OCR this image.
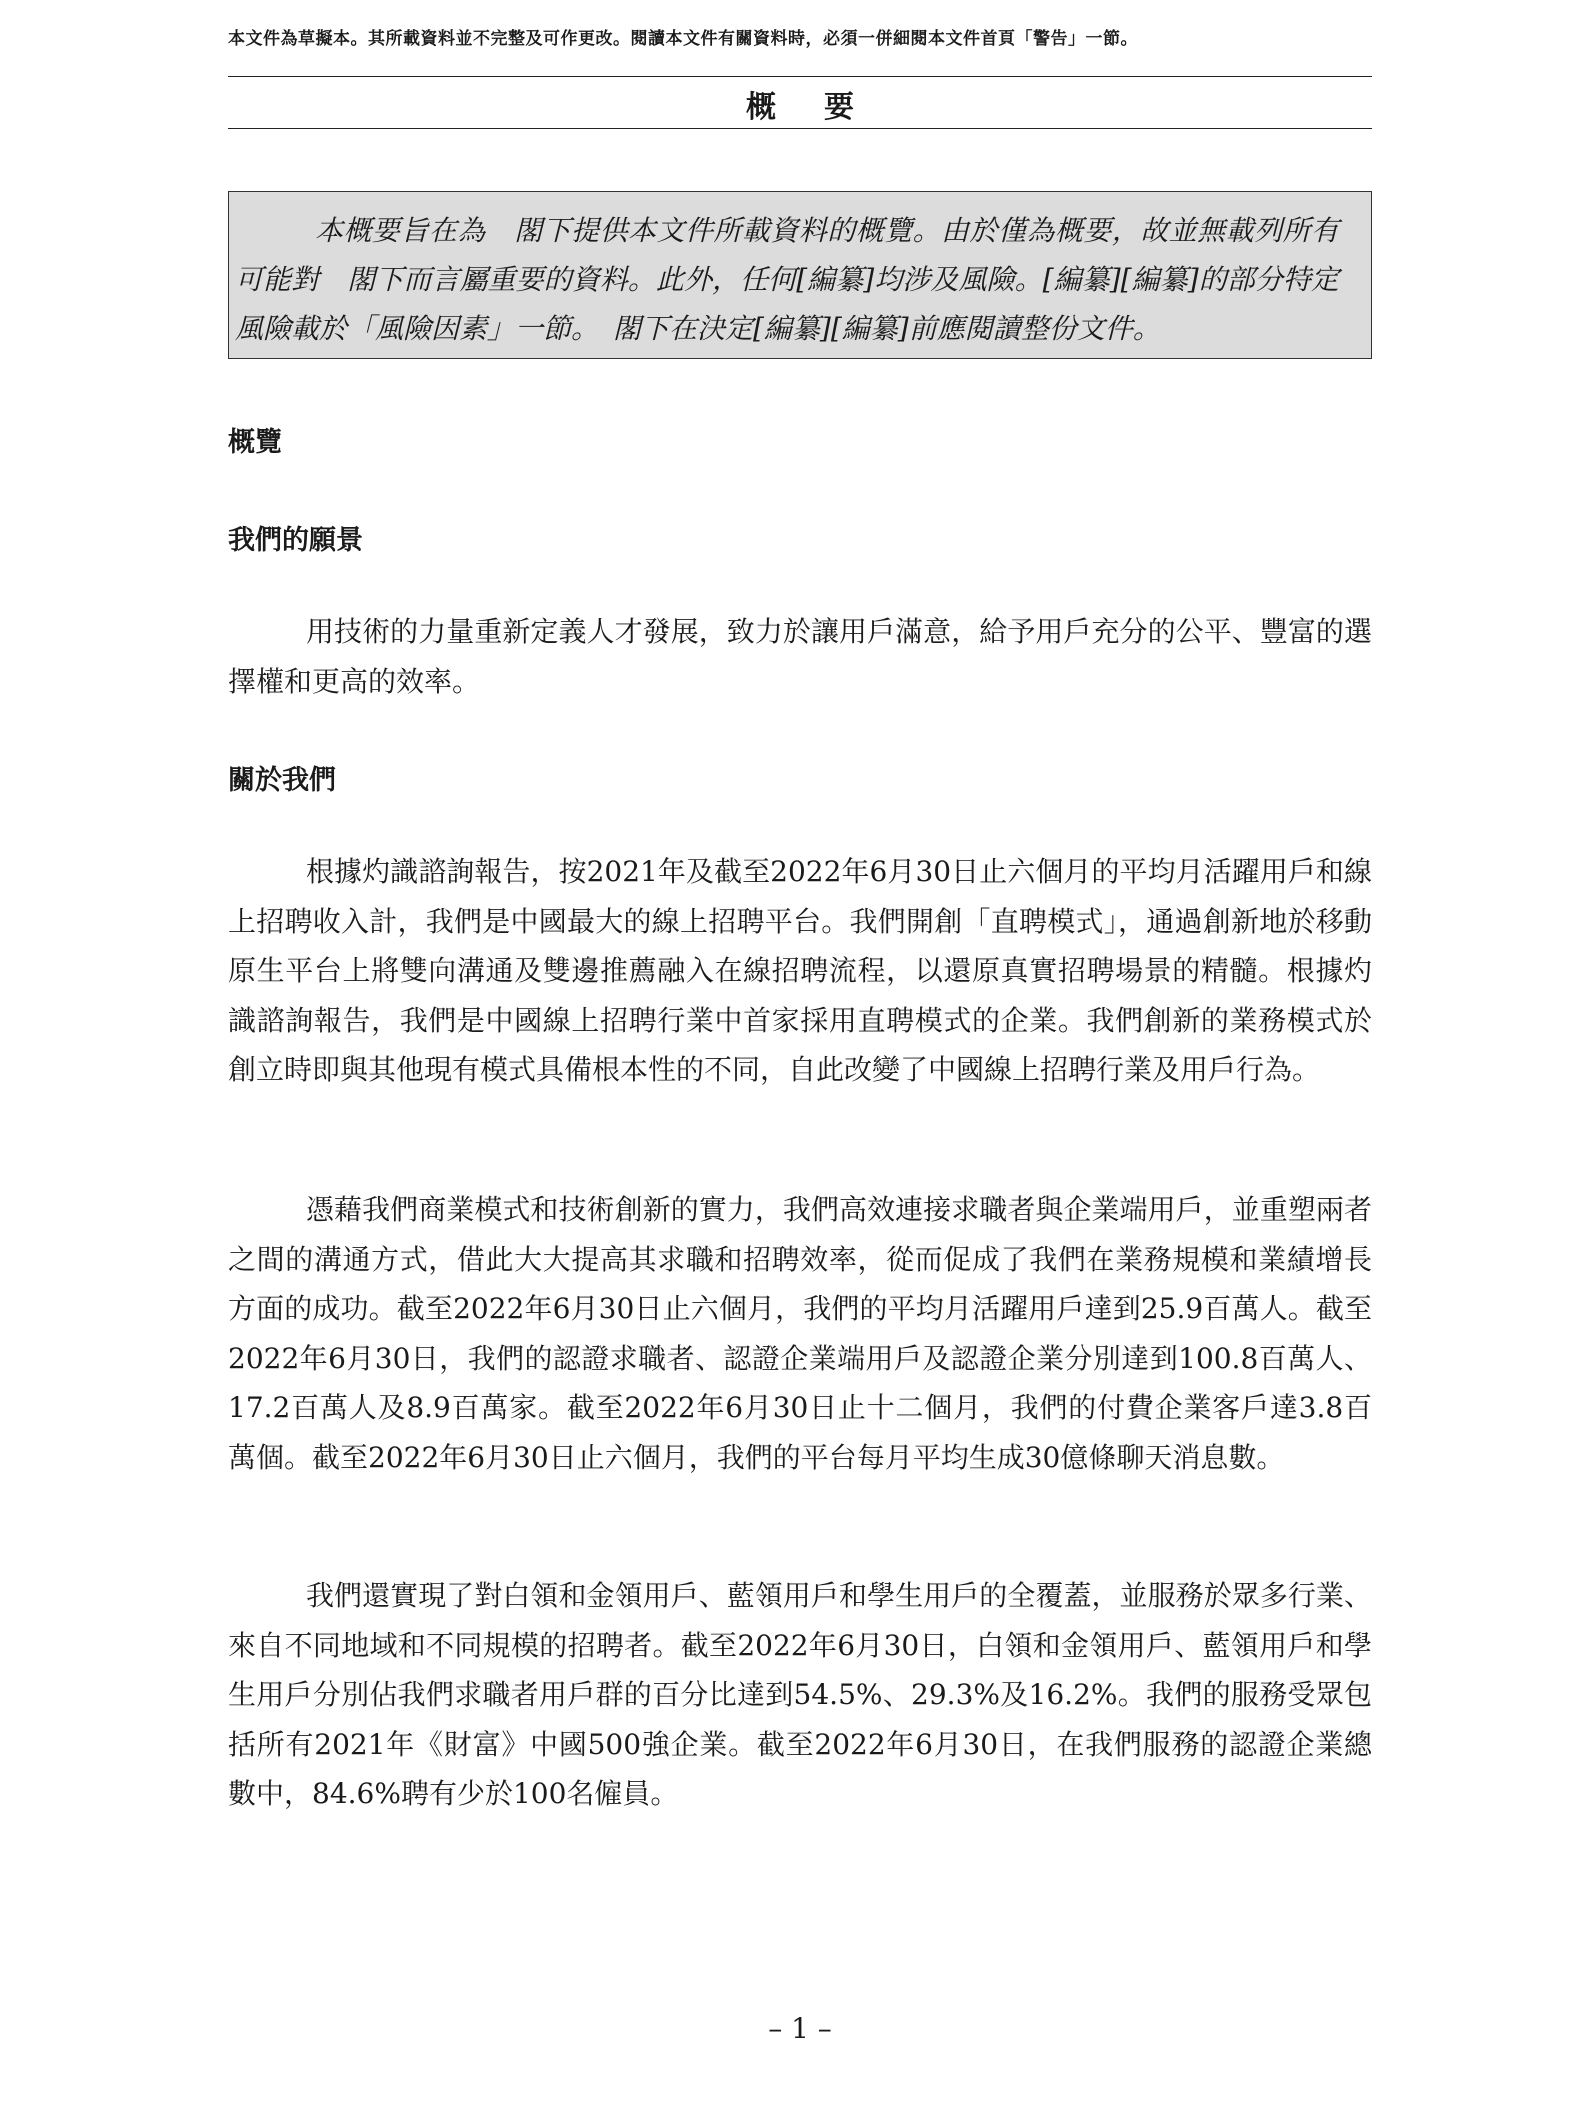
本文件為草擬本。其所載資料並不完整及可作更改。閱讀本文件有關資料時，必須一併細閱本文件首頁「警告」一節。
概要

本概要旨在為　閣下提供本文件所載資料的概覽。由於僅為概要，故並無載列所有可能對　閣下而言屬重要的資料。此外，任何[編纂]均涉及風險。[編纂][編纂]的部分特定風險載於「風險因素」一節。　閣下在決定[編纂][編纂]前應閱讀整份文件。

概覽
我們的願景

用技術的力量重新定義人才發展，致力於讓用戶滿意，給予用戶充分的公平、豐富的選擇權和更高的效率。

關於我們

根據灼識諮詢報告，按2021年及截至2022年6月30日止六個月的平均月活躍用戶和線上招聘收入計，我們是中國最大的線上招聘平台。我們開創「直聘模式」，通過創新地於移動原生平台上將雙向溝通及雙邊推薦融入在線招聘流程，以還原真實招聘場景的精髓。根據灼識諮詢報告，我們是中國線上招聘行業中首家採用直聘模式的企業。我們創新的業務模式於創立時即與其他現有模式具備根本性的不同，自此改變了中國線上招聘行業及用戶行為。

憑藉我們商業模式和技術創新的實力，我們高效連接求職者與企業端用戶，並重塑兩者之間的溝通方式，借此大大提高其求職和招聘效率，從而促成了我們在業務規模和業績增長方面的成功。截至2022年6月30日止六個月，我們的平均月活躍用戶達到25.9百萬人。截至2022年6月30日，我們的認證求職者、認證企業端用戶及認證企業分別達到100.8百萬人、17.2百萬人及8.9百萬家。截至2022年6月30日止十二個月，我們的付費企業客戶達3.8百萬個。截至2022年6月30日止六個月，我們的平台每月平均生成30億條聊天消息數。

我們還實現了對白領和金領用戶、藍領用戶和學生用戶的全覆蓋，並服務於眾多行業、來自不同地域和不同規模的招聘者。截至2022年6月30日，白領和金領用戶、藍領用戶和學生用戶分別佔我們求職者用戶群的百分比達到54.5%、29.3%及16.2%。我們的服務受眾包括所有2021年《財富》中國500強企業。截至2022年6月30日，在我們服務的認證企業總數中，84.6%聘有少於100名僱員。

– 1 –
